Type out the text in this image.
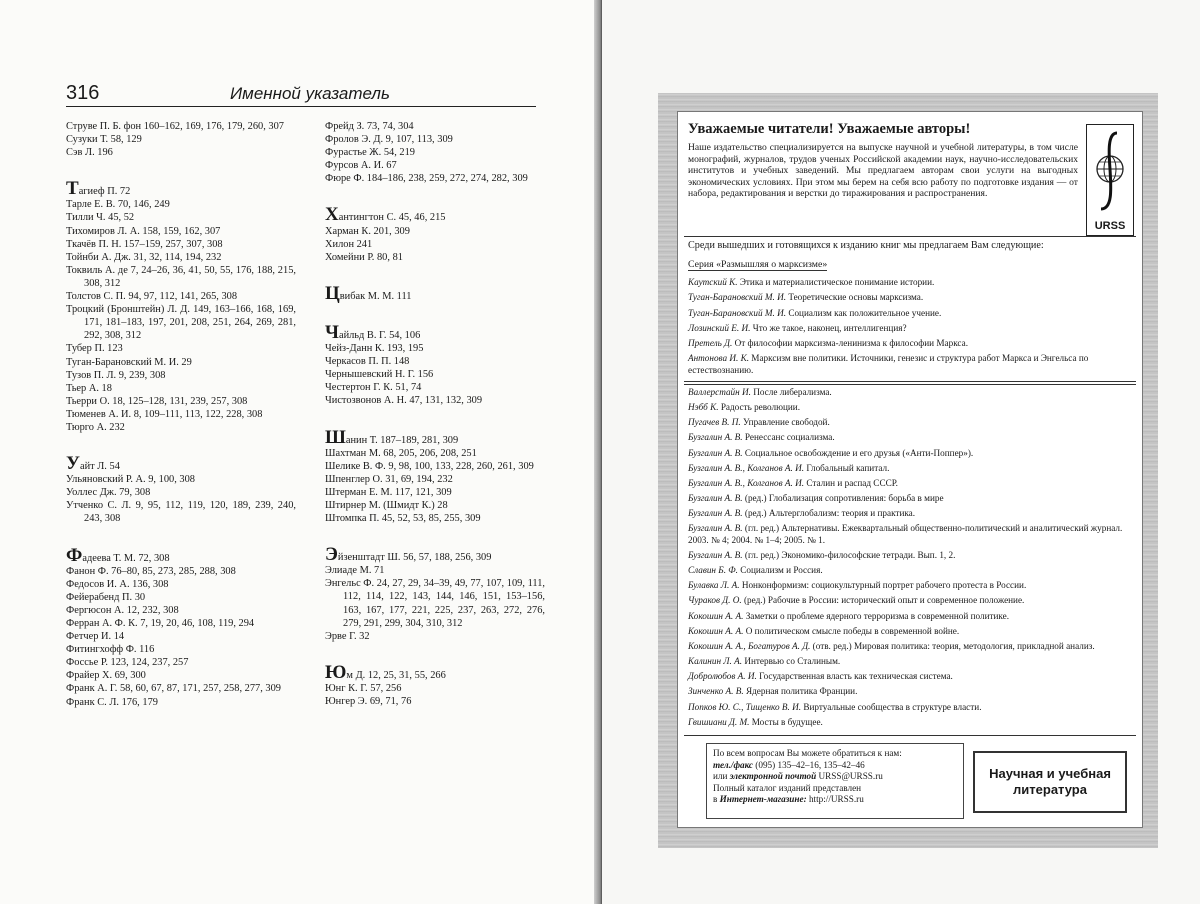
316	Именной указатель
Струве П. Б. фон 160–162, 169, 176, 179, 260, 307
Сузуки Т. 58, 129
Сэв Л. 196
Тагиеф П. 72
Тарле Е. В. 70, 146, 249
Тилли Ч. 45, 52
Тихомиров Л. А. 158, 159, 162, 307
Ткачёв П. Н. 157–159, 257, 307, 308
Тойнби А. Дж. 31, 32, 114, 194, 232
Токвиль А. де 7, 24–26, 36, 41, 50, 55, 176, 188, 215, 308, 312
Толстов С. П. 94, 97, 112, 141, 265, 308
Троцкий (Бронштейн) Л. Д. 149, 163–166, 168, 169, 171, 181–183, 197, 201, 208, 251, 264, 269, 281, 292, 308, 312
Тубер П. 123
Туган-Барановский М. И. 29
Тузов П. Л. 9, 239, 308
Тьер А. 18
Тьерри О. 18, 125–128, 131, 239, 257, 308
Тюменев А. И. 8, 109–111, 113, 122, 228, 308
Тюрго А. 232
Уайт Л. 54
Ульяновский Р. А. 9, 100, 308
Уоллес Дж. 79, 308
Утченко С. Л. 9, 95, 112, 119, 120, 189, 239, 240, 243, 308
Фадеева Т. М. 72, 308
Фанон Ф. 76–80, 85, 273, 285, 288, 308
Федосов И. А. 136, 308
Фейерабенд П. 30
Фергюсон А. 12, 232, 308
Ферран А. Ф. К. 7, 19, 20, 46, 108, 119, 294
Фетчер И. 14
Фитингхофф Ф. 116
Фоссье Р. 123, 124, 237, 257
Фрайер Х. 69, 300
Франк А. Г. 58, 60, 67, 87, 171, 257, 258, 277, 309
Франк С. Л. 176, 179
Фрейд З. 73, 74, 304
Фролов Э. Д. 9, 107, 113, 309
Фурастье Ж. 54, 219
Фурсов А. И. 67
Фюре Ф. 184–186, 238, 259, 272, 274, 282, 309
Хантингтон С. 45, 46, 215
Харман К. 201, 309
Хилон 241
Хомейни Р. 80, 81
Цвибак М. М. 111
Чайльд В. Г. 54, 106
Чейз-Данн К. 193, 195
Черкасов П. П. 148
Чернышевский Н. Г. 156
Честертон Г. К. 51, 74
Чистозвонов А. Н. 47, 131, 132, 309
Шанин Т. 187–189, 281, 309
Шахтман М. 68, 205, 206, 208, 251
Шелике В. Ф. 9, 98, 100, 133, 228, 260, 261, 309
Шпенглер О. 31, 69, 194, 232
Штерман Е. М. 117, 121, 309
Штирнер М. (Шмидт К.) 28
Штомпка П. 45, 52, 53, 85, 255, 309
Эйзенштадт Ш. 56, 57, 188, 256, 309
Элиаде М. 71
Энгельс Ф. 24, 27, 29, 34–39, 49, 77, 107, 109, 111, 112, 114, 122, 143, 144, 146, 151, 153–156, 163, 167, 177, 221, 225, 237, 263, 272, 276, 279, 291, 299, 304, 310, 312
Эрве Г. 32
Юм Д. 12, 25, 31, 55, 266
Юнг К. Г. 57, 256
Юнгер Э. 69, 71, 76
Уважаемые читатели! Уважаемые авторы!
Наше издательство специализируется на выпуске научной и учебной литературы, в том числе монографий, журналов, трудов ученых Российской академии наук, научно-исследовательских институтов и учебных заведений. Мы предлагаем авторам свои услуги на выгодных экономических условиях. При этом мы берем на себя всю работу по подготовке издания — от набора, редактирования и верстки до тиражирования и распространения.
URSS
Среди вышедших и готовящихся к изданию книг мы предлагаем Вам следующие:
Серия «Размышляя о марксизме»
Каутский К. Этика и материалистическое понимание истории.
Туган-Барановский М. И. Теоретические основы марксизма.
Туган-Барановский М. И. Социализм как положительное учение.
Лозинский Е. И. Что же такое, наконец, интеллигенция?
Претель Д. От философии марксизма-ленинизма к философии Маркса.
Антонова И. К. Марксизм вне политики. Источники, генезис и структура работ Маркса и Энгельса по естествознанию.
Валлерстайн И. После либерализма.
Нэбб К. Радость революции.
Пугачев В. П. Управление свободой.
Бузгалин А. В. Ренессанс социализма.
Бузгалин А. В. Социальное освобождение и его друзья («Анти-Поппер»).
Бузгалин А. В., Колганов А. И. Глобальный капитал.
Бузгалин А. В., Колганов А. И. Сталин и распад СССР.
Бузгалин А. В. (ред.) Глобализация сопротивления: борьба в мире
Бузгалин А. В. (ред.) Альтерглобализм: теория и практика.
Бузгалин А. В. (гл. ред.) Альтернативы. Ежеквартальный общественно-политический и аналитический журнал. 2003. № 4; 2004. № 1–4; 2005. № 1.
Бузгалин А. В. (гл. ред.) Экономико-философские тетради. Вып. 1, 2.
Славин Б. Ф. Социализм и Россия.
Булавка Л. А. Нонконформизм: социокультурный портрет рабочего протеста в России.
Чураков Д. О. (ред.) Рабочие в России: исторический опыт и современное положение.
Кокошин А. А. Заметки о проблеме ядерного терроризма в современной политике.
Кокошин А. А. О политическом смысле победы в современной войне.
Кокошин А. А., Богатуров А. Д. (отв. ред.) Мировая политика: теория, методология, прикладной анализ.
Калинин Л. А. Интервью со Сталиным.
Добролюбов А. И. Государственная власть как техническая система.
Зинченко А. В. Ядерная политика Франции.
Попков Ю. С., Тищенко В. И. Виртуальные сообщества в структуре власти.
Гвишиани Д. М. Мосты в будущее.
По всем вопросам Вы можете обратиться к нам:
тел./факс (095) 135–42–16, 135–42–46
или электронной почтой URSS@URSS.ru
Полный каталог изданий представлен
в Интернет-магазине: http://URSS.ru
Научная и учебная
литература
